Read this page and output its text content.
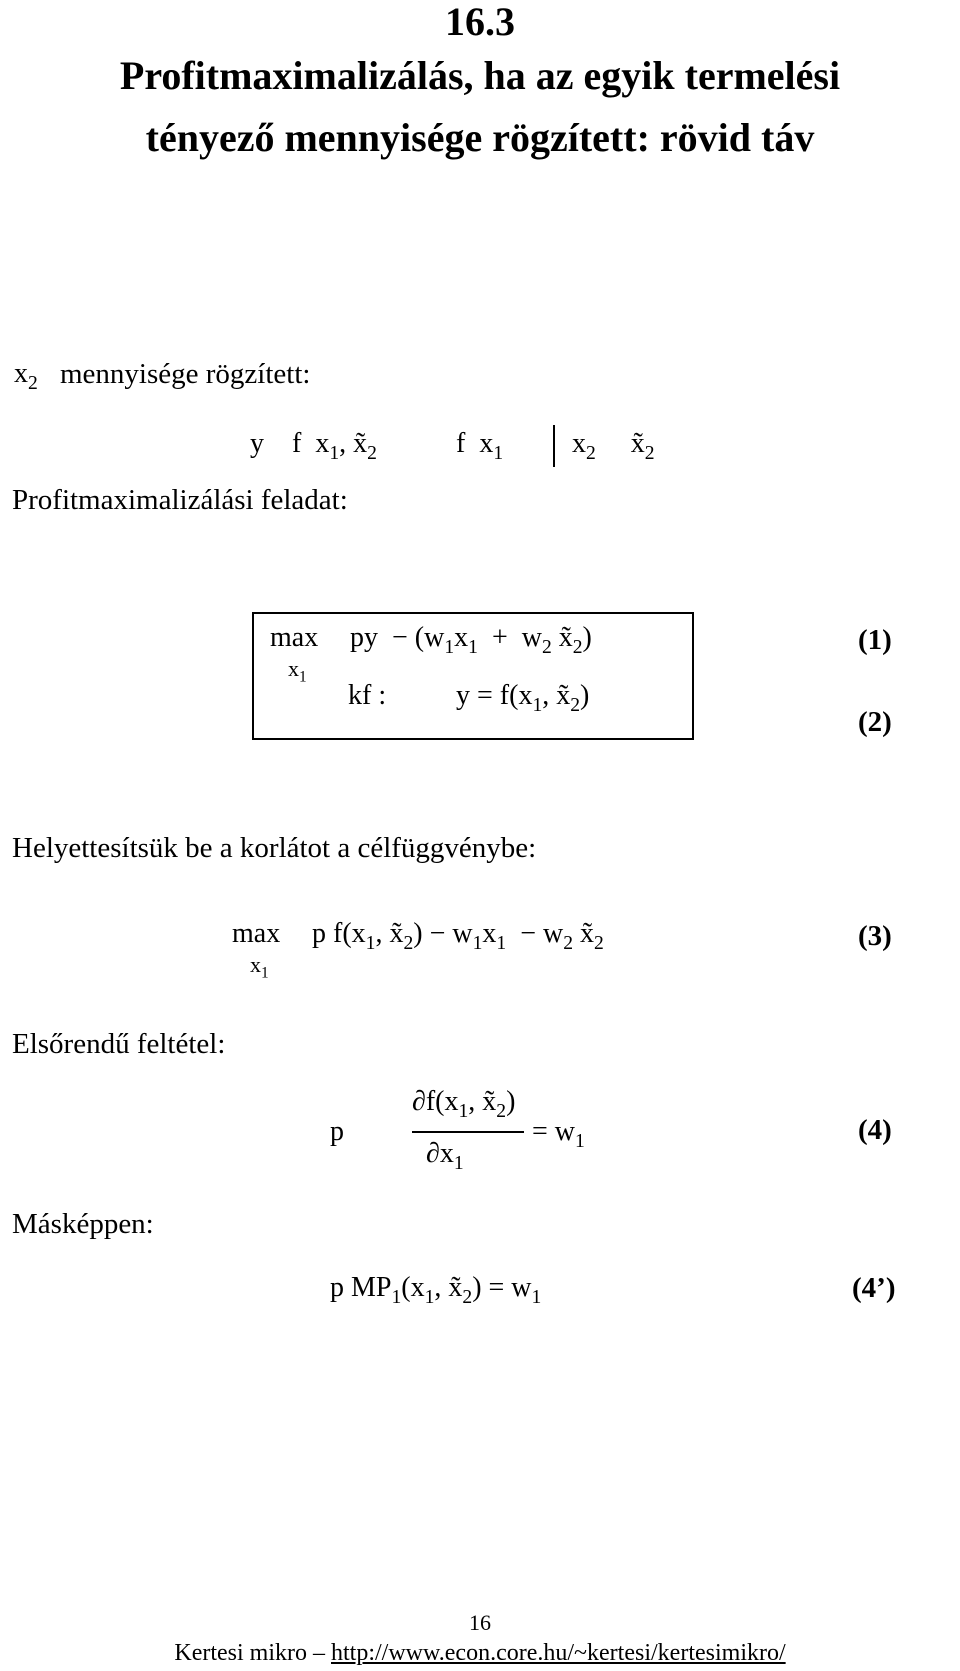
16.3
Profitmaximalizálás, ha az egyik termelési
tényező mennyisége rögzített: rövid táv
$x_2$ mennyisége rögzített:
y    f  $x_1$, $x̃_2$	f  $x_1$ $x_2$     $x̃_2$
Profitmaximalizálási feladat:
max
$x_1$
py  − ($w_1x_1 + w_2$ $x̃_2$)
kf : $y = f(x_1$, $x̃_2$)
(1)
(2)
Helyettesítsük be a korlátot a célfüggvénybe:
max
$x_1$
p $f(x_1$, $x̃_2) - w_1x_1 - w_2$ $x̃_2$	(3)
Elsőrendű feltétel:
p
$\partial f(x_1$, $x̃_2$)
$\partial x_1$
= $w_1$	(4)
Másképpen:
p $MP_1(x_1$, $x̃_2) = w_1$	(4’)
16
Kertesi mikro – http://www.econ.core.hu/~kertesi/kertesimikro/
